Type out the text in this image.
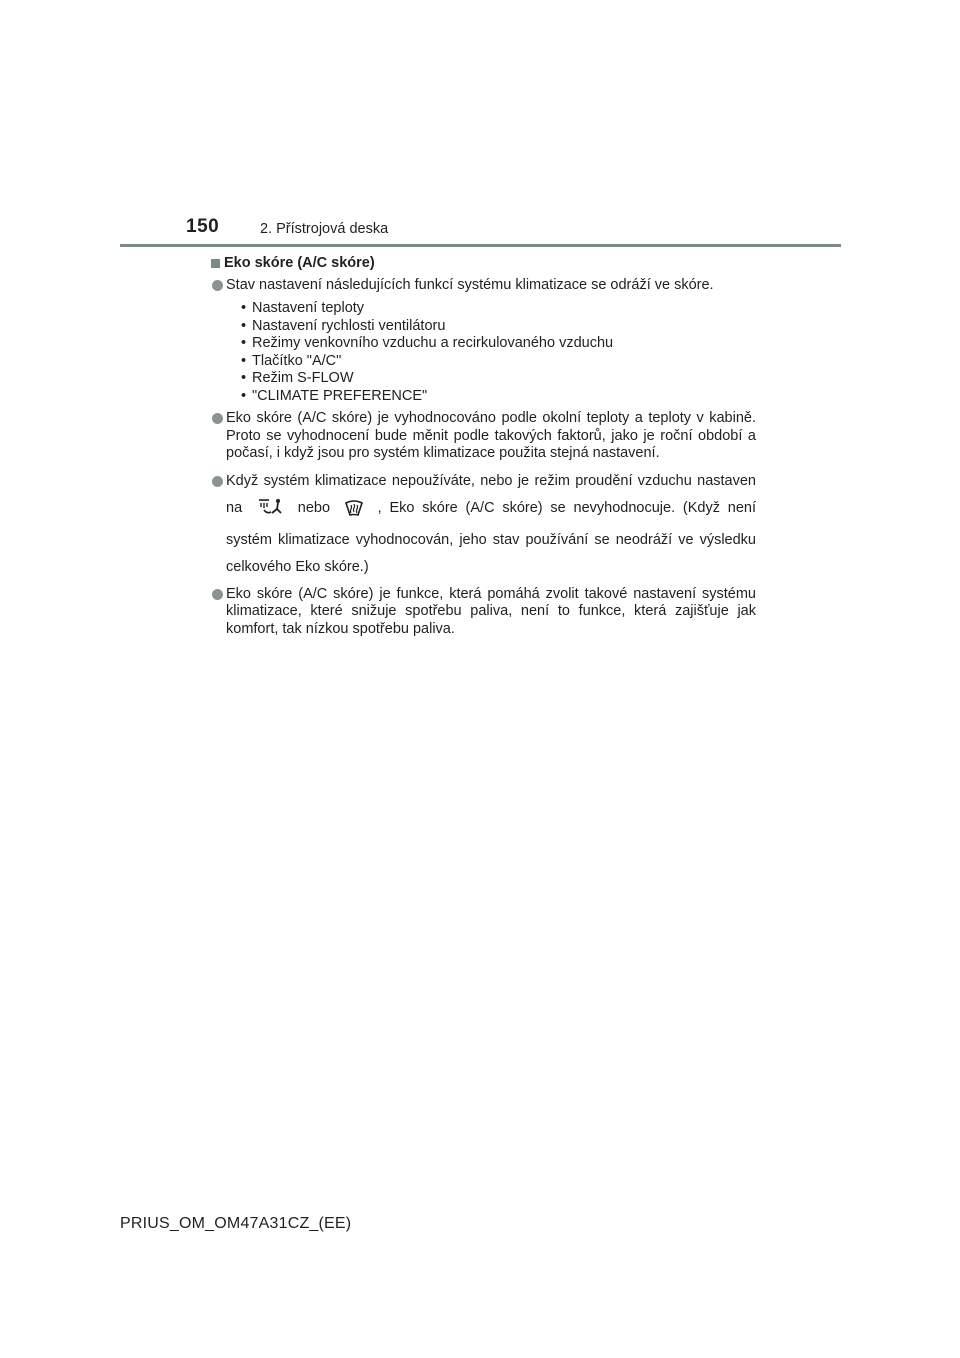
150	2. Přístrojová deska
Eko skóre (A/C skóre)
Stav nastavení následujících funkcí systému klimatizace se odráží ve skóre.
• Nastavení teploty
• Nastavení rychlosti ventilátoru
• Režimy venkovního vzduchu a recirkulovaného vzduchu
• Tlačítko "A/C"
• Režim S-FLOW
• "CLIMATE PREFERENCE"
Eko skóre (A/C skóre) je vyhodnocováno podle okolní teploty a teploty v kabině. Proto se vyhodnocení bude měnit podle takových faktorů, jako je roční období a počasí, i když jsou pro systém klimatizace použita stejná nastavení.
Když systém klimatizace nepoužíváte, nebo je režim proudění vzduchu nastaven na	nebo	, Eko skóre (A/C skóre) se nevyhodnocuje. (Když není systém klimatizace vyhodnocován, jeho stav používání se neodráží ve výsledku celkového Eko skóre.)
Eko skóre (A/C skóre) je funkce, která pomáhá zvolit takové nastavení systému klimatizace, které snižuje spotřebu paliva, není to funkce, která zajišťuje jak komfort, tak nízkou spotřebu paliva.
PRIUS_OM_OM47A31CZ_(EE)
